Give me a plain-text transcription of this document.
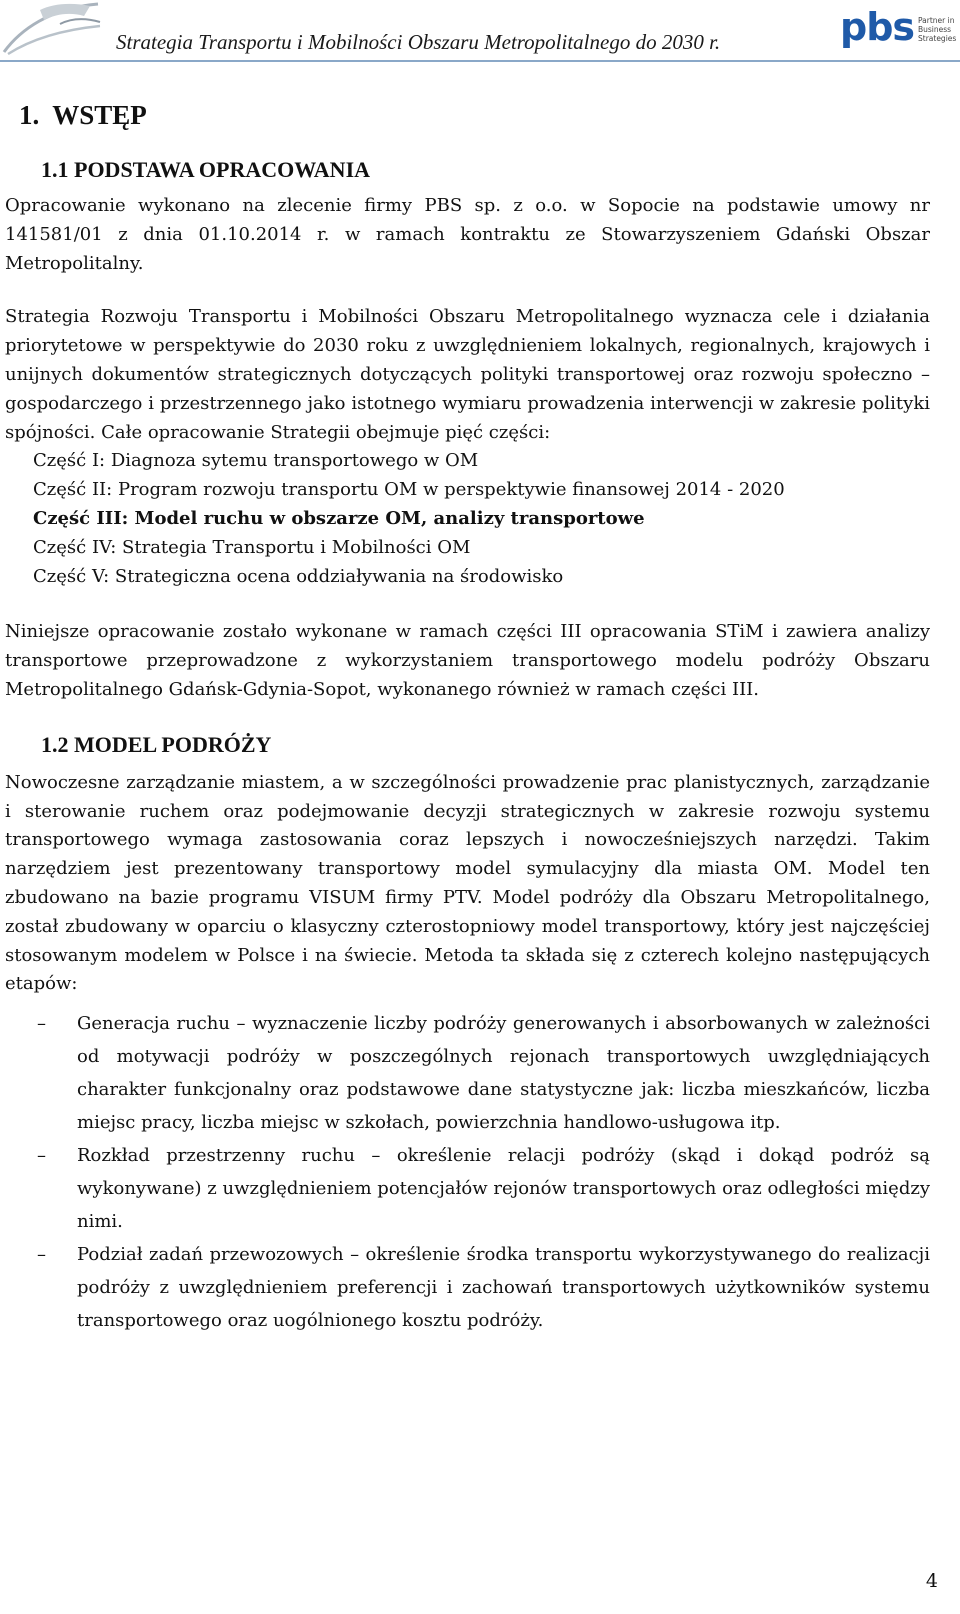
Strategia Transportu i Mobilności Obszaru Metropolitalnego do 2030 r.	pbs Partner in
Business
Strategies
1.  WSTĘP
1.1 PODSTAWA OPRACOWANIA

Opracowanie wykonano na zlecenie firmy PBS sp. z o.o. w Sopocie na podstawie umowy nr 141581/01 z dnia 01.10.2014 r. w ramach kontraktu ze Stowarzyszeniem Gdański Obszar Metropolitalny.

Strategia Rozwoju Transportu i Mobilności Obszaru Metropolitalnego wyznacza cele i działania priorytetowe w perspektywie do 2030 roku z uwzględnieniem lokalnych, regionalnych, krajowych i unijnych dokumentów strategicznych dotyczących polityki transportowej oraz rozwoju społeczno – gospodarczego i przestrzennego jako istotnego wymiaru prowadzenia interwencji w zakresie polityki spójności. Całe opracowanie Strategii obejmuje pięć części:

Część I: Diagnoza sytemu transportowego w OM
Część II: Program rozwoju transportu OM w perspektywie finansowej 2014 - 2020
Część III: Model ruchu w obszarze OM, analizy transportowe
Część IV: Strategia Transportu i Mobilności OM
Część V: Strategiczna ocena oddziaływania na środowisko

Niniejsze opracowanie zostało wykonane w ramach części III opracowania STiM i zawiera analizy transportowe przeprowadzone z wykorzystaniem transportowego modelu podróży Obszaru Metropolitalnego Gdańsk-Gdynia-Sopot, wykonanego również w ramach części III.

1.2 MODEL PODRÓŻY

Nowoczesne zarządzanie miastem, a w szczególności prowadzenie prac planistycznych, zarządzanie i sterowanie ruchem oraz podejmowanie decyzji strategicznych w zakresie rozwoju systemu transportowego wymaga zastosowania coraz lepszych i nowocześniejszych narzędzi. Takim narzędziem jest prezentowany transportowy model symulacyjny dla miasta OM. Model ten zbudowano na bazie programu VISUM firmy PTV. Model podróży dla Obszaru Metropolitalnego, został zbudowany w oparciu o klasyczny czterostopniowy model transportowy, który jest najczęściej stosowanym modelem w Polsce i na świecie. Metoda ta składa się z czterech kolejno następujących etapów:

– Generacja ruchu – wyznaczenie liczby podróży generowanych i absorbowanych w zależności od motywacji podróży w poszczególnych rejonach transportowych uwzględniających charakter funkcjonalny oraz podstawowe dane statystyczne jak: liczba mieszkańców, liczba miejsc pracy, liczba miejsc w szkołach, powierzchnia handlowo-usługowa itp.
– Rozkład przestrzenny ruchu – określenie relacji podróży (skąd i dokąd podróż są wykonywane) z uwzględnieniem potencjałów rejonów transportowych oraz odległości między nimi.
– Podział zadań przewozowych – określenie środka transportu wykorzystywanego do realizacji podróży z uwzględnieniem preferencji i zachowań transportowych użytkowników systemu transportowego oraz uogólnionego kosztu podróży.
4
